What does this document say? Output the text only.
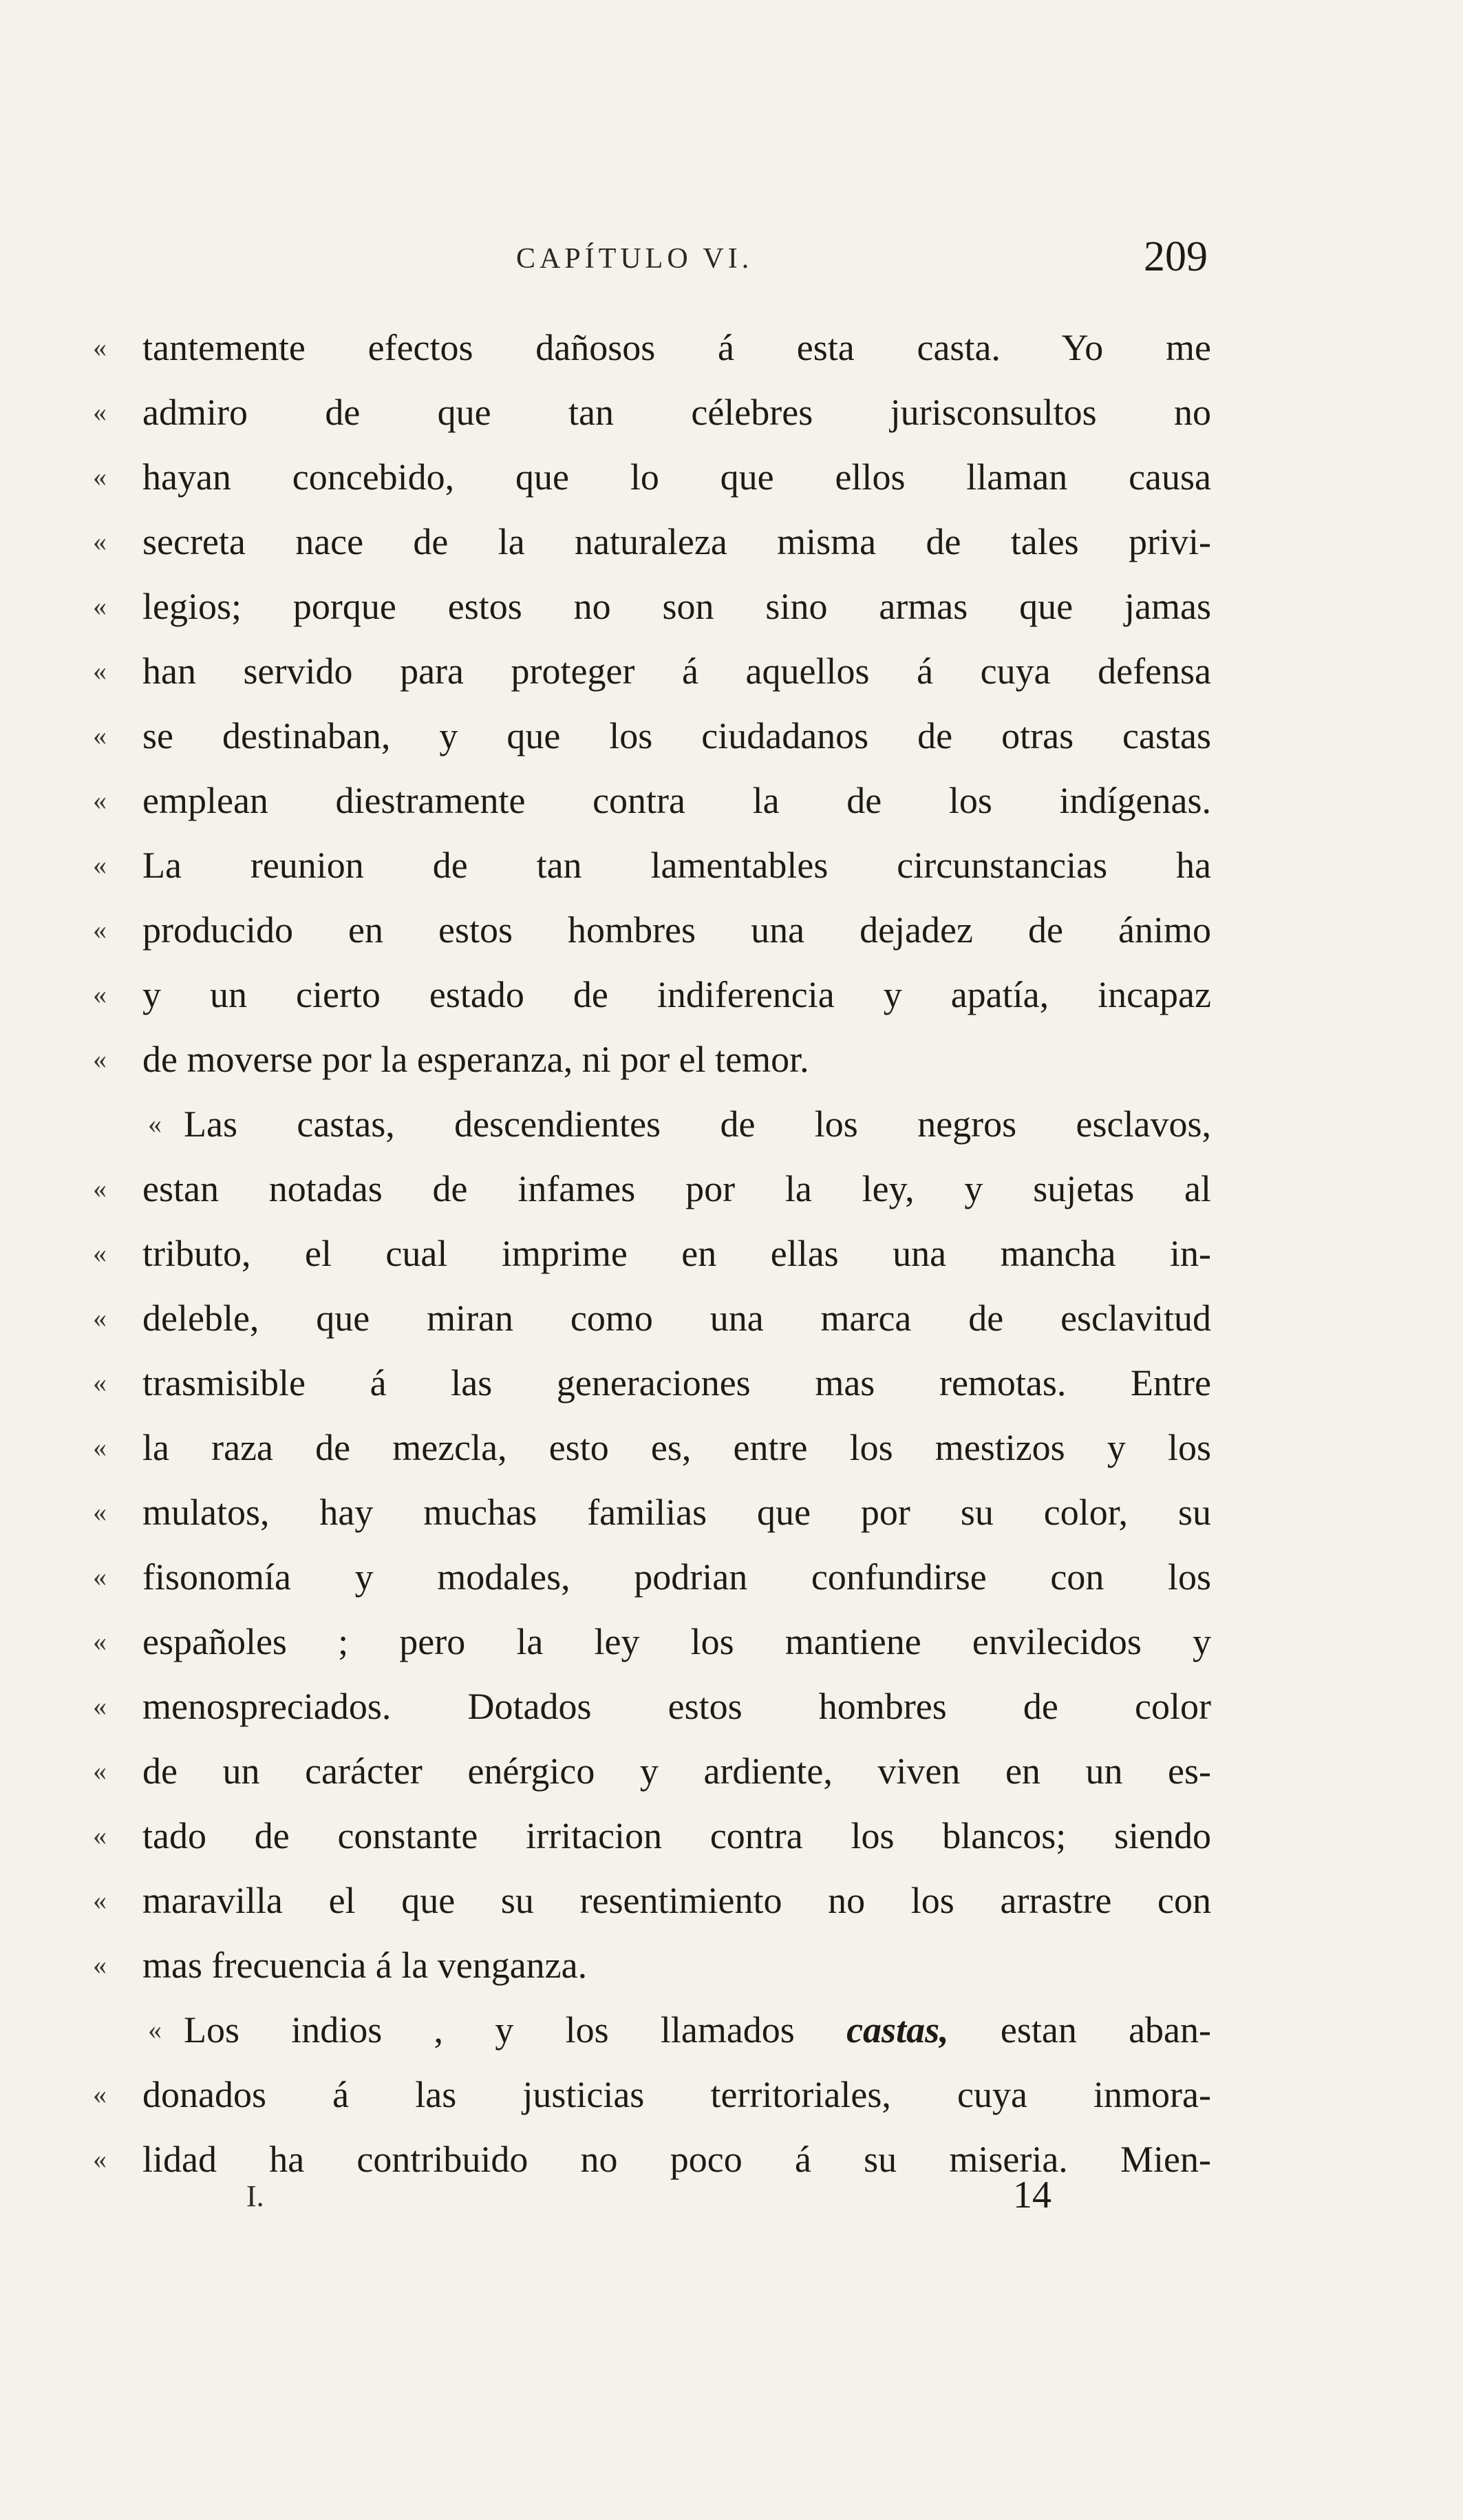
CAPÍTULO VI.	209
« tantemente efectos dañosos á esta casta. Yo me
« admiro de que tan célebres jurisconsultos no
« hayan concebido, que lo que ellos llaman causa
« secreta nace de la naturaleza misma de tales privi-
« legios; porque estos no son sino armas que jamas
« han servido para proteger á aquellos á cuya defensa
« se destinaban, y que los ciudadanos de otras castas
« emplean diestramente contra la de los indígenas.
« La reunion de tan lamentables circunstancias ha
« producido en estos hombres una dejadez de ánimo
« y un cierto estado de indiferencia y apatía, incapaz
« de moverse por la esperanza, ni por el temor.
« Las castas, descendientes de los negros esclavos,
« estan notadas de infames por la ley, y sujetas al
« tributo, el cual imprime en ellas una mancha in-
« deleble, que miran como una marca de esclavitud
« trasmisible á las generaciones mas remotas. Entre
« la raza de mezcla, esto es, entre los mestizos y los
« mulatos, hay muchas familias que por su color, su
« fisonomía y modales, podrian confundirse con los
« españoles ; pero la ley los mantiene envilecidos y
« menospreciados. Dotados estos hombres de color
« de un carácter enérgico y ardiente, viven en un es-
« tado de constante irritacion contra los blancos; siendo
« maravilla el que su resentimiento no los arrastre con
« mas frecuencia á la venganza.
« Los indios , y los llamados castas, estan aban-
« donados á las justicias territoriales, cuya inmora-
« lidad ha contribuido no poco á su miseria. Mien-
I.	14
